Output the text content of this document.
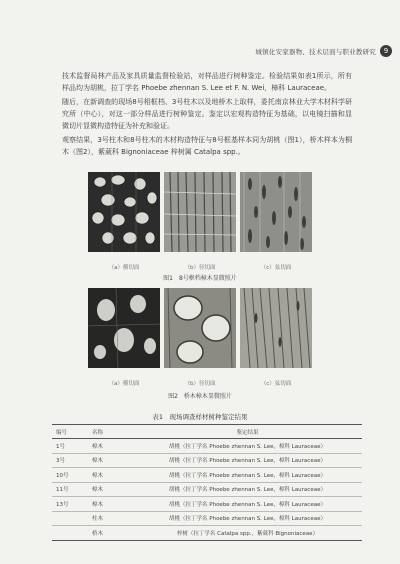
城镇化安家器物、技术层面与职业教研究	9
技术监督局林产品及家具质量监督检验站，对样品进行树种鉴定。检验结果如表1所示，所有样品均为胡桃，拉丁学名 Phoebe zhennan S. Lee et F. N. Wei，樟科 Lauraceae。
随后，在新调查的现场8号相框档、3号柱木以及地桥木上取样，委托南京林业大学木材科学研究所（中心），对这一部分样品进行树种鉴定。鉴定以宏观构造特征为基础，以电镜扫描和显微切片显微构造特征为补充和验证。
观察结果，3号柱木和8号柱木的木材构造特征与8号框基样本同为胡桃（图1），桥木样本为桐木（图2），紫葳科 Bignoniaceae 梓树属 Catalpa spp.。
（a）横切面	（b）径切面	（c）弦切面
图1　8号框档樟木显微照片
（a）横切面	（b）径切面	（c）弦切面
图2　桥木樟木显微照片
表1　现场调查样材树种鉴定结果
编号	名称	鉴定结果
1号	樟木	胡桃（拉丁学名 Phoebe zhennan S. Lee，樟科 Lauraceae）
3号	樟木	胡桃（拉丁学名 Phoebe zhennan S. Lee，樟科 Lauraceae）
10号	樟木	胡桃（拉丁学名 Phoebe zhennan S. Lee，樟科 Lauraceae）
11号	樟木	胡桃（拉丁学名 Phoebe zhennan S. Lee，樟科 Lauraceae）
13号	樟木	胡桃（拉丁学名 Phoebe zhennan S. Lee，樟科 Lauraceae）
	柱木	胡桃（拉丁学名 Phoebe zhennan S. Lee，樟科 Lauraceae）
	桥木	梓树（拉丁学名 Catalpa spp.，紫葳科 Bignoniaceae）
